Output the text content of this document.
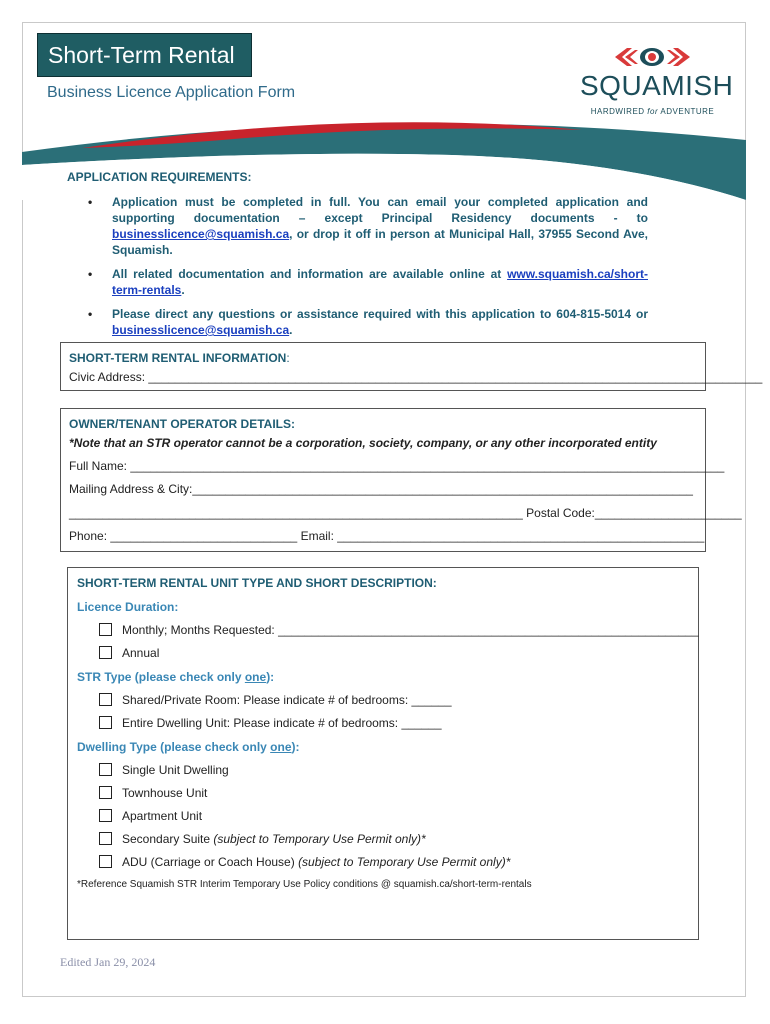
Short-Term Rental
Business Licence Application Form	SQUAMISH
HARDWIRED for ADVENTURE
APPLICATION REQUIREMENTS:
• Application must be completed in full. You can email your completed application and supporting documentation – except Principal Residency documents - to businesslicence@squamish.ca, or drop it off in person at Municipal Hall, 37955 Second Ave, Squamish.
• All related documentation and information are available online at www.squamish.ca/short-term-rentals.
• Please direct any questions or assistance required with this application to 604-815-5014 or businesslicence@squamish.ca.
SHORT-TERM RENTAL INFORMATION:
Civic Address: ____________________________________________________________________________________________
OWNER/TENANT OPERATOR DETAILS:
*Note that an STR operator cannot be a corporation, society, company, or any other incorporated entity
Full Name: _________________________________________________________________________________________
Mailing Address & City:___________________________________________________________________________
____________________________________________________________________ Postal Code:______________________
Phone: ____________________________ Email: _______________________________________________________
SHORT-TERM RENTAL UNIT TYPE AND SHORT DESCRIPTION:
Licence Duration:
Monthly; Months Requested: _______________________________________________________________
Annual
STR Type (please check only one):
Shared/Private Room: Please indicate # of bedrooms: ______
Entire Dwelling Unit: Please indicate # of bedrooms: ______
Dwelling Type (please check only one):
Single Unit Dwelling
Townhouse Unit
Apartment Unit
Secondary Suite (subject to Temporary Use Permit only)*
ADU (Carriage or Coach House) (subject to Temporary Use Permit only)*
*Reference Squamish STR Interim Temporary Use Policy conditions @ squamish.ca/short-term-rentals
Edited Jan 29, 2024
